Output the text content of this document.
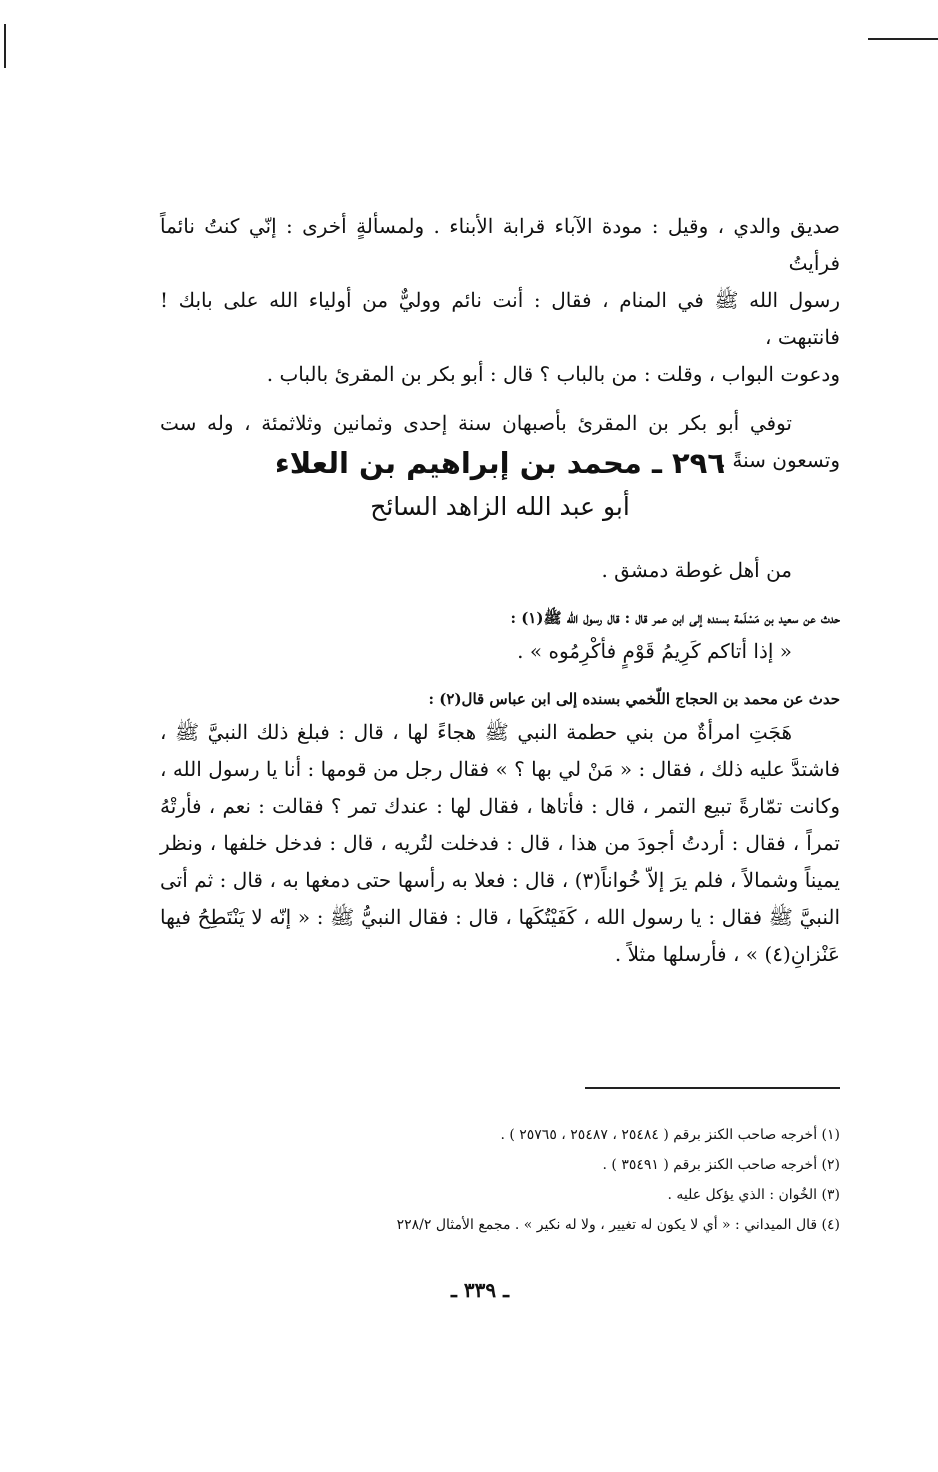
صديق والدي ، وقيل : مودة الآباء قرابة الأبناء . ولمسألةٍ أخرى : إنّي كنتُ نائماً فرأيتُ

رسول الله ﷺ في المنام ، فقال : أنت نائم ووليٌّ من أولياء الله على بابك ! فانتبهت ،

ودعوت البواب ، وقلت : من بالباب ؟ قال : أبو بكر بن المقرئ بالباب .

توفي أبو بكر بن المقرئ بأصبهان سنة إحدى وثمانين وثلاثمئة ، وله ست وتسعون سنةً .

٢٩٦ ـ محمد بن إبراهيم بن العلاء
أبو عبد الله الزاهد السائح

من أهل غوطة دمشق .

حدث عن سعيد بن مَسْلَمة بسنده إلى ابن عمر قال : قال رسول الله ﷺ(١) :

« إذا أتاكم كَرِيمُ قَوْمٍ فأكْرِمُوه » .

حدث عن محمد بن الحجاج اللّخمي بسنده إلى ابن عباس قال(٢) :

هَجَتِ امرأةٌ من بني حطمة النبي ﷺ هجاءً لها ، قال : فبلغ ذلك النبيَّ ﷺ ، فاشتدَّ عليه ذلك ، فقال : « مَنْ لي بها ؟ » فقال رجل من قومها : أنا يا رسول الله ، وكانت تمّارةً تبيع التمر ، قال : فأتاها ، فقال لها : عندك تمر ؟ فقالت : نعم ، فأرتْهُ تمراً ، فقال : أردتُ أجودَ من هذا ، قال : فدخلت لتُريه ، قال : فدخل خلفها ، ونظر يميناً وشمالاً ، فلم يرَ إلاّ خُواناً(٣) ، قال : فعلا به رأسها حتى دمغها به ، قال : ثم أتى النبيَّ ﷺ فقال : يا رسول الله ، كَفَيْتُكَها ، قال : فقال النبيُّ ﷺ : « إنّه لا يَنْتَطِحُ فيها عَنْزانِ(٤) » ، فأرسلها مثلاً .

(١) أخرجه صاحب الكنز برقم ( ٢٥٤٨٤ ، ٢٥٤٨٧ ، ٢٥٧٦٥ ) .
(٢) أخرجه صاحب الكنز برقم ( ٣٥٤٩١ ) .
(٣) الخُوان : الذي يؤكل عليه .
(٤) قال الميداني : « أي لا يكون له تغيير ، ولا له نكير » . مجمع الأمثال ٢٢٨/٢
ـ ٣٣٩ ـ
